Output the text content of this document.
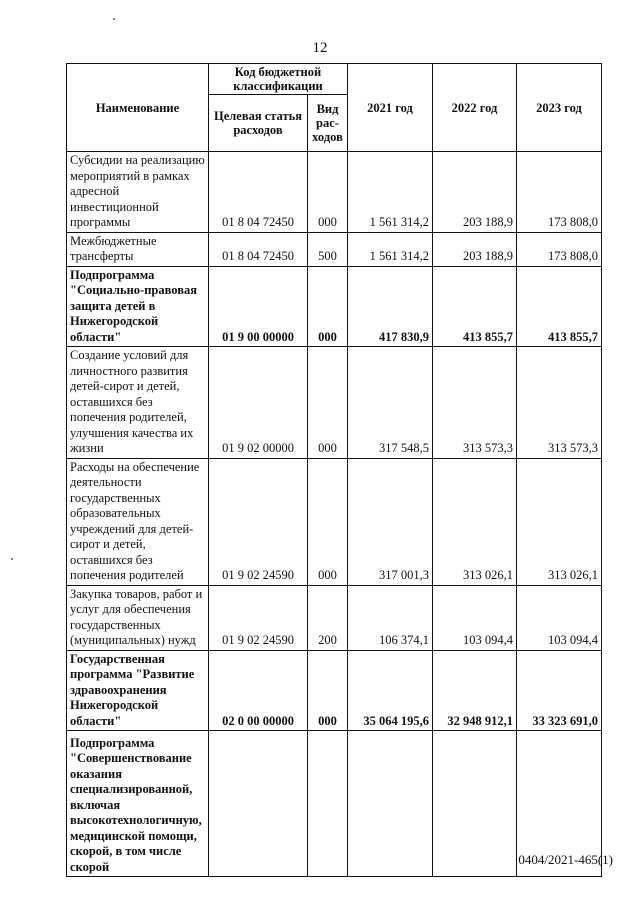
12
Наименование	Код бюджетной классификации		2021 год	2022 год	2023 год
	Целевая статья расходов	Вид рас-ходов			
Субсидии на реализацию мероприятий в рамках адресной инвестиционной программы	01 8 04 72450	000	1 561 314,2	203 188,9	173 808,0
Межбюджетные трансферты	01 8 04 72450	500	1 561 314,2	203 188,9	173 808,0
Подпрограмма "Социально-правовая защита детей в Нижегородской области"	01 9 00 00000	000	417 830,9	413 855,7	413 855,7
Создание условий для личностного развития детей-сирот и детей, оставшихся без попечения родителей, улучшения качества их жизни	01 9 02 00000	000	317 548,5	313 573,3	313 573,3
Расходы на обеспечение деятельности государственных образовательных учреждений для детей-сирот и детей, оставшихся без попечения родителей	01 9 02 24590	000	317 001,3	313 026,1	313 026,1
Закупка товаров, работ и услуг для обеспечения государственных (муниципальных) нужд	01 9 02 24590	200	106 374,1	103 094,4	103 094,4
Государственная программа "Развитие здравоохранения Нижегородской области"	02 0 00 00000	000	35 064 195,6	32 948 912,1	33 323 691,0
Подпрограмма "Совершенствование оказания специализированной, включая высокотехнологичную, медицинской помощи, скорой, в том числе скорой						0404/2021-465(1)
